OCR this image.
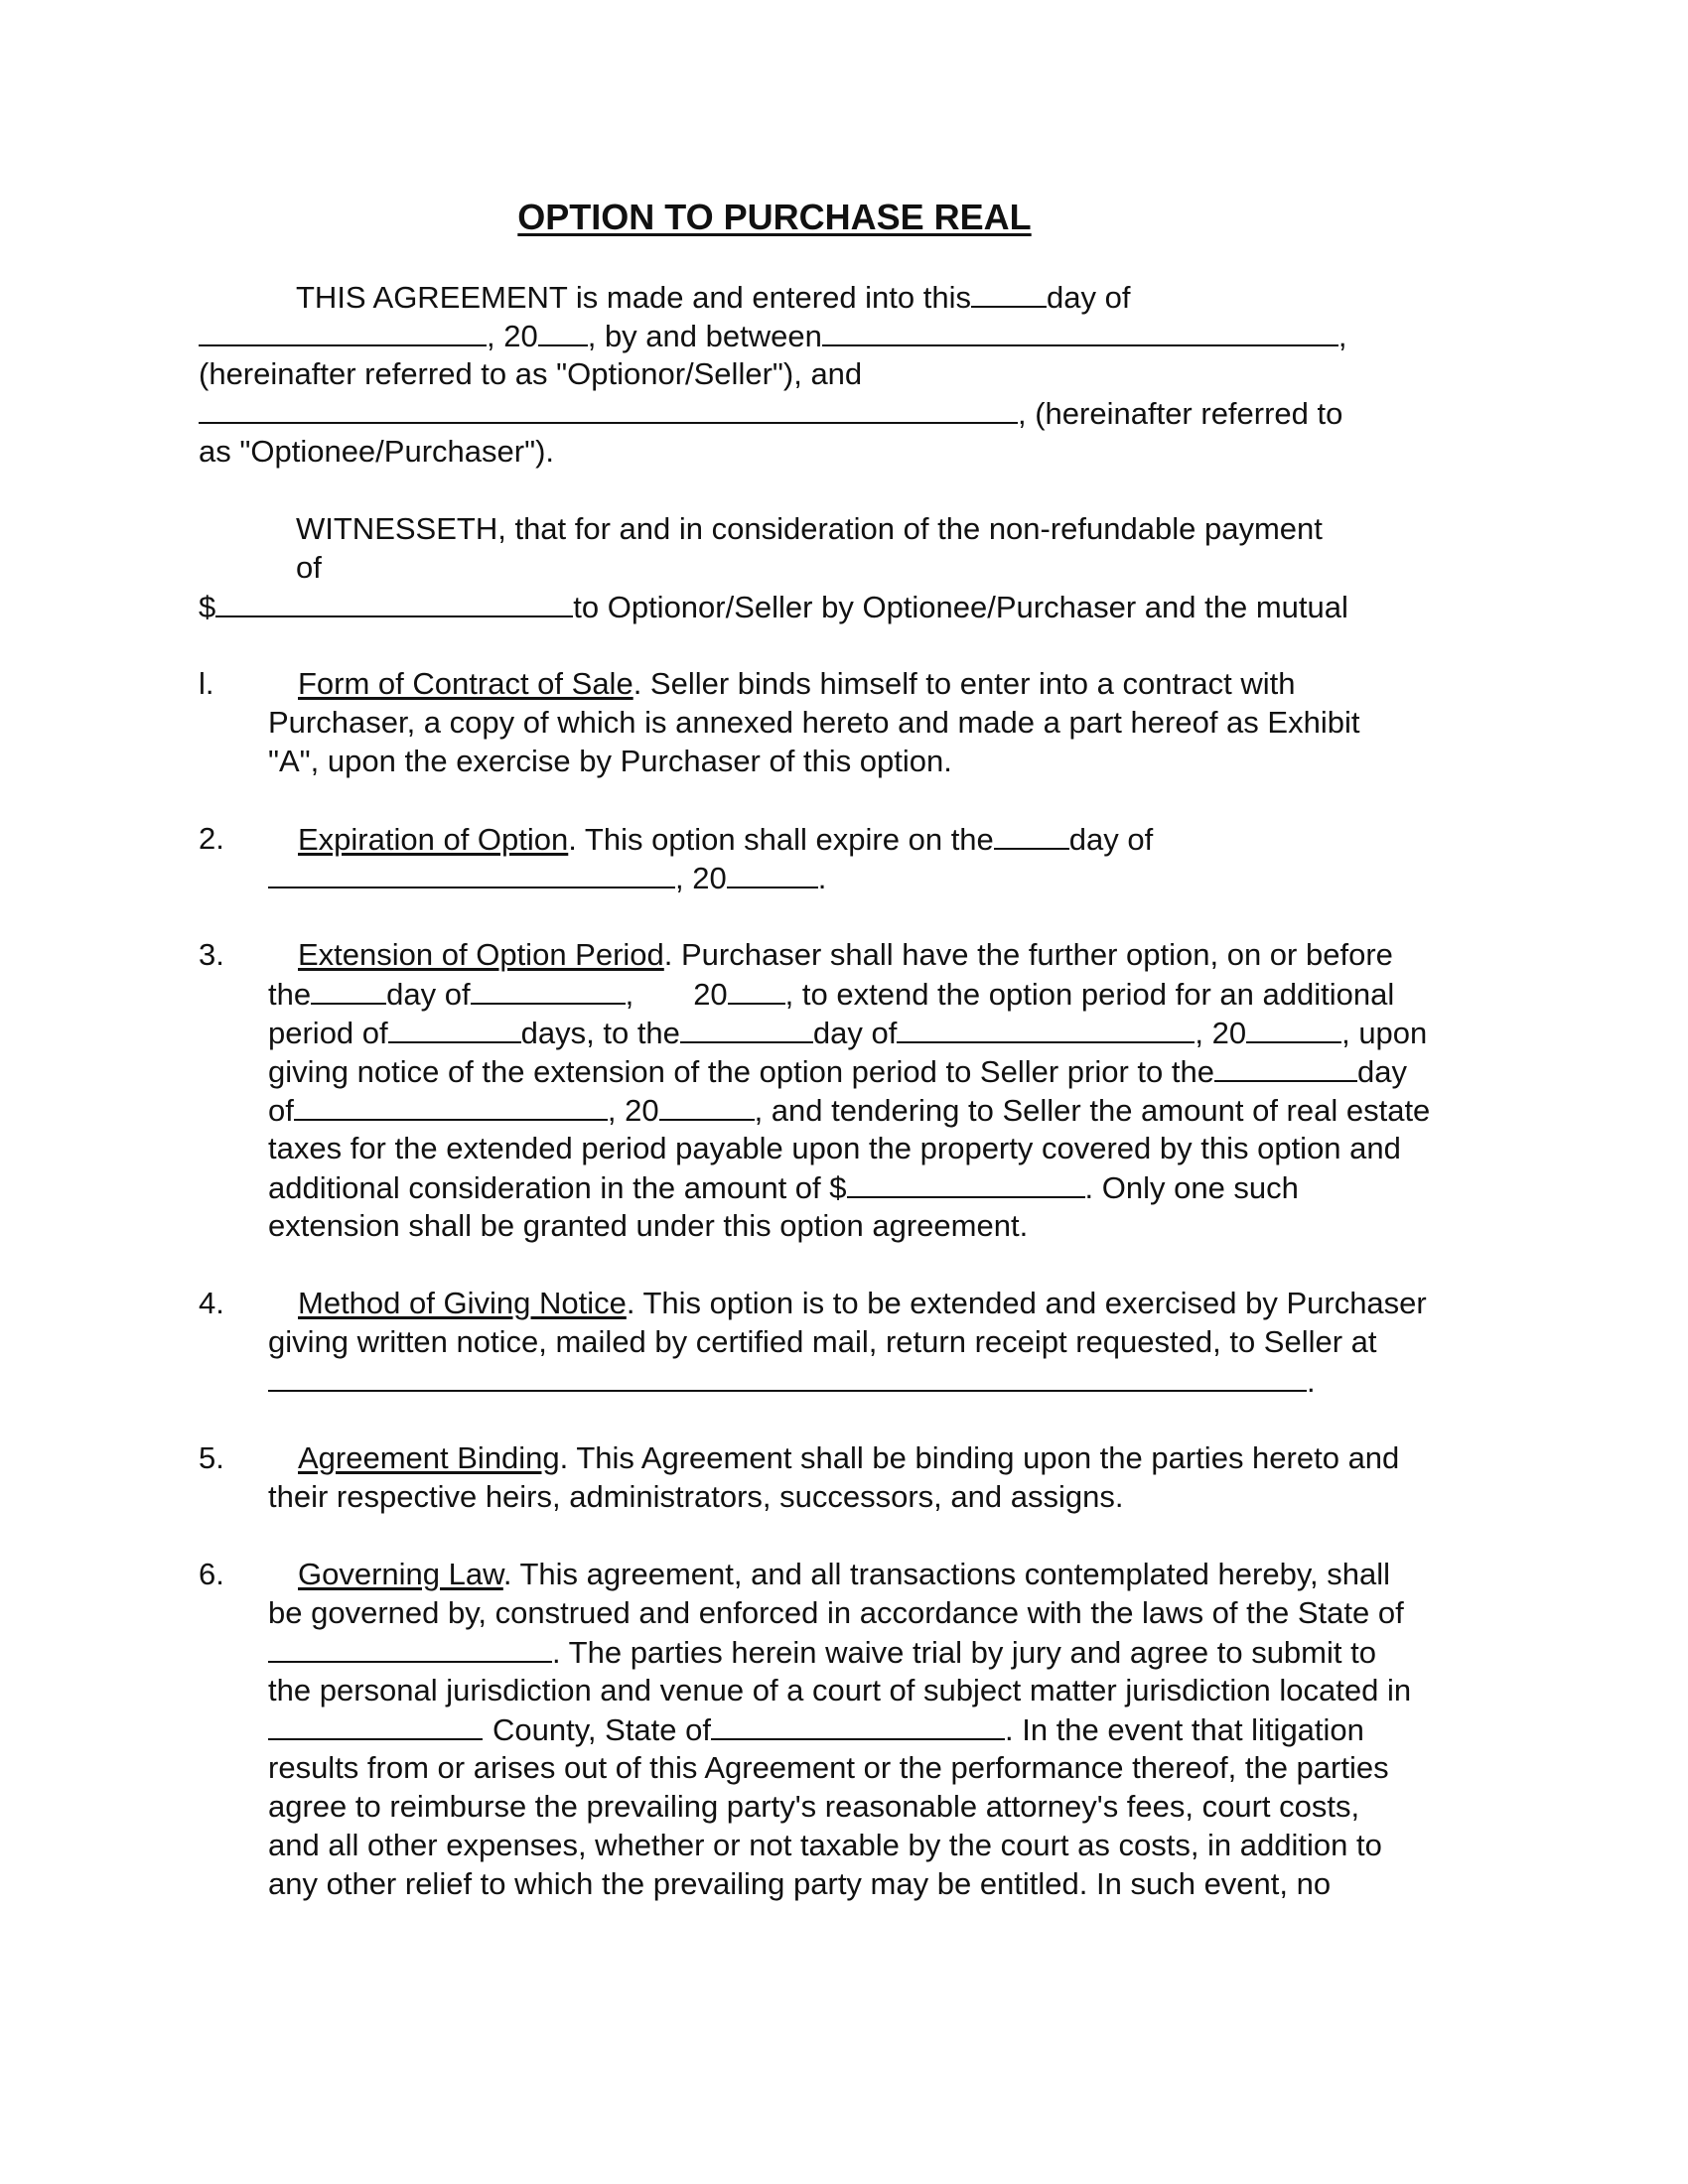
OPTION TO PURCHASE REAL
THIS AGREEMENT is made and entered into this day of
, 20 , by and between	,
(hereinafter referred to as "Optionor/Seller"), and
, (hereinafter referred to
as "Optionee/Purchaser").
WITNESSETH, that for and in consideration of the non-refundable payment
of
$	to Optionor/Seller by Optionee/Purchaser and the mutual
l.	Form of Contract of Sale. Seller binds himself to enter into a contract with
Purchaser, a copy of which is annexed hereto and made a part hereof as Exhibit
"A", upon the exercise by Purchaser of this option.
2. Expiration of Option. This option shall expire on the day of
, 20	.
3. Extension of Option Period. Purchaser shall have the further option, on or before
the day of	, 20 , to extend the option period for an additional
period of	days, to the	day of	, 20	, upon
giving notice of the extension of the option period to Seller prior to the	day
of	, 20	, and tendering to Seller the amount of real estate
taxes for the extended period payable upon the property covered by this option and
additional consideration in the amount of $	. Only one such
extension shall be granted under this option agreement.
4. Method of Giving Notice. This option is to be extended and exercised by Purchaser
giving written notice, mailed by certified mail, return receipt requested, to Seller at
.
5. Agreement Binding. This Agreement shall be binding upon the parties hereto and
their respective heirs, administrators, successors, and assigns.
6. Governing Law. This agreement, and all transactions contemplated hereby, shall
be governed by, construed and enforced in accordance with the laws of the State of
. The parties herein waive trial by jury and agree to submit to
the personal jurisdiction and venue of a court of subject matter jurisdiction located in
County, State of	. In the event that litigation
results from or arises out of this Agreement or the performance thereof, the parties
agree to reimburse the prevailing party's reasonable attorney's fees, court costs,
and all other expenses, whether or not taxable by the court as costs, in addition to
any other relief to which the prevailing party may be entitled. In such event, no
